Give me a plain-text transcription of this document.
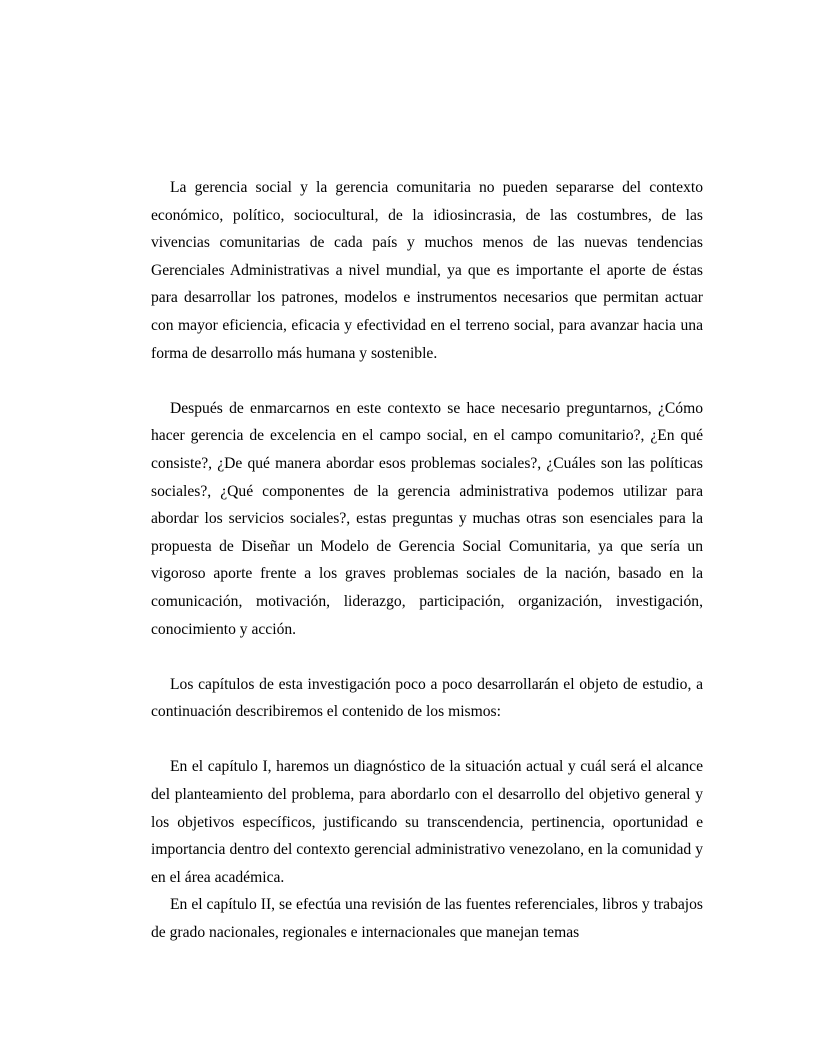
La gerencia social y la gerencia comunitaria no pueden separarse del contexto económico, político, sociocultural, de la idiosincrasia, de las costumbres, de las vivencias comunitarias de cada país y muchos menos de las nuevas tendencias Gerenciales Administrativas a nivel mundial, ya que es importante el aporte de éstas para desarrollar los patrones, modelos e instrumentos necesarios que permitan actuar con mayor eficiencia, eficacia y efectividad en el terreno social, para avanzar hacia una forma de desarrollo más humana y sostenible.

Después de enmarcarnos en este contexto se hace necesario preguntarnos, ¿Cómo hacer gerencia de excelencia en el campo social, en el campo comunitario?, ¿En qué consiste?, ¿De qué manera abordar esos problemas sociales?, ¿Cuáles son las políticas sociales?, ¿Qué componentes de la gerencia administrativa podemos utilizar para abordar los servicios sociales?, estas preguntas y muchas otras son esenciales para la propuesta de Diseñar un Modelo de Gerencia Social Comunitaria, ya que sería un vigoroso aporte frente a los graves problemas sociales de la nación, basado en la comunicación, motivación, liderazgo, participación, organización, investigación, conocimiento y acción.

Los capítulos de esta investigación poco a poco desarrollarán el objeto de estudio, a continuación describiremos el contenido de los mismos:

En el capítulo I, haremos un diagnóstico de la situación actual y cuál será el alcance del planteamiento del problema, para abordarlo con el desarrollo del objetivo general y los objetivos específicos, justificando su transcendencia, pertinencia, oportunidad e importancia dentro del contexto gerencial administrativo venezolano, en la comunidad y en el área académica.

En el capítulo II, se efectúa una revisión de las fuentes referenciales, libros y trabajos de grado nacionales, regionales e internacionales que manejan temas
